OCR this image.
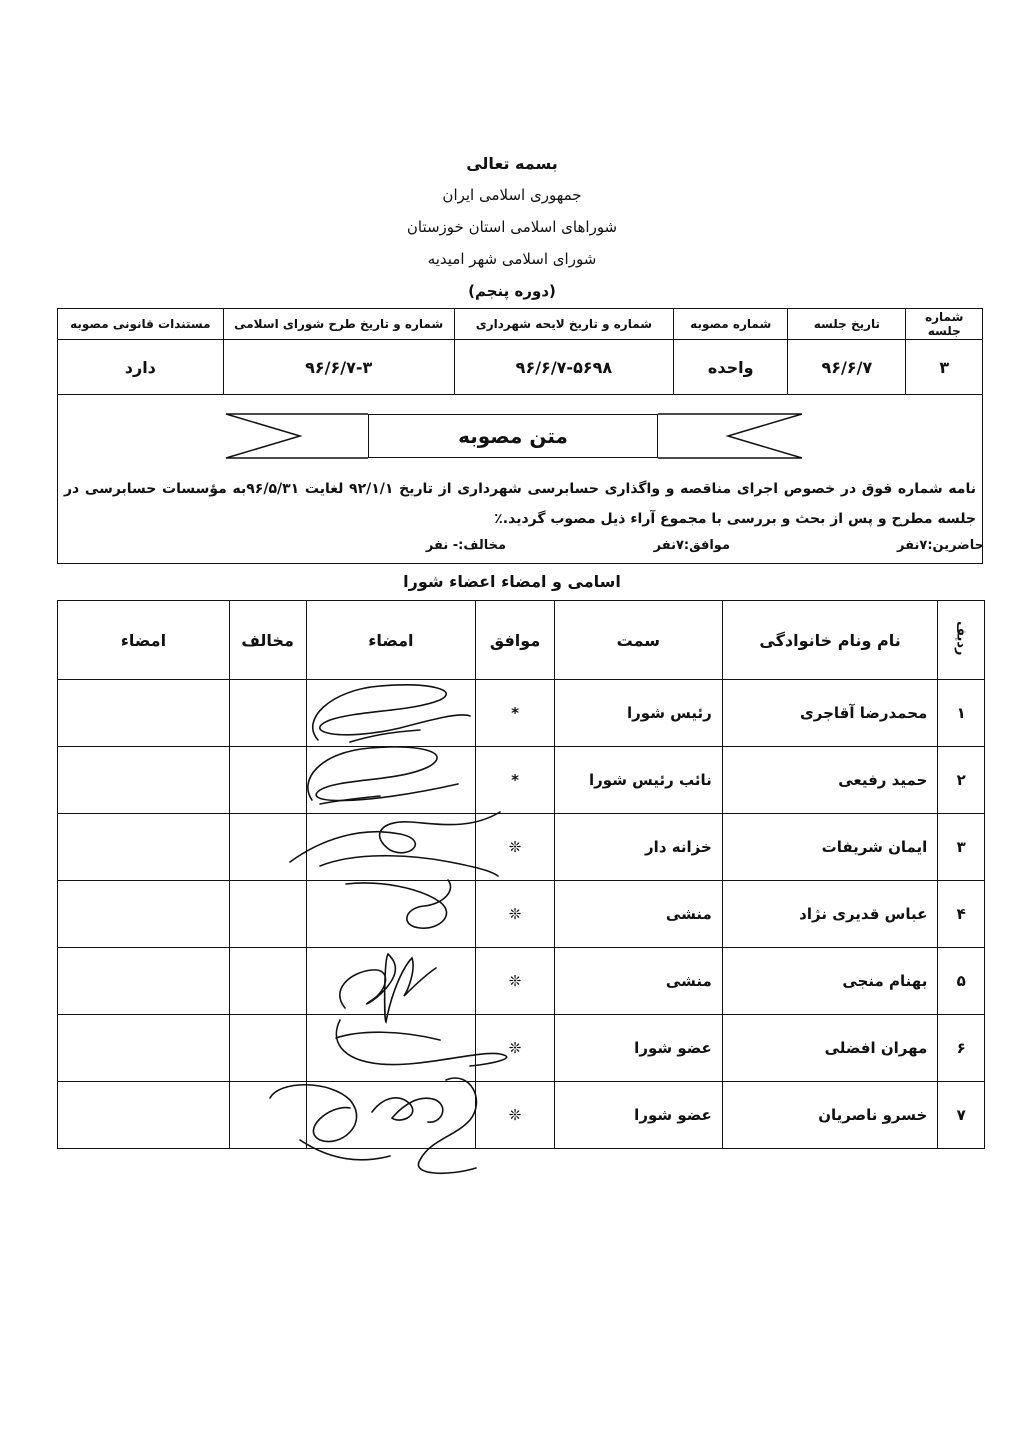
بسمه تعالی
جمهوری اسلامی ایران
شوراهای اسلامی استان خوزستان
شورای اسلامی شهر امیدیه
(دوره پنجم)
شماره جلسه	تاریخ جلسه	شماره مصوبه	شماره و تاریخ لایحه شهرداری	شماره و تاریخ طرح شورای اسلامی	مستندات قانونی مصوبه
۳	۹۶/۶/۷	واحده	۹۶/۶/۷-۵۶۹۸	۹۶/۶/۷-۳	دارد
متن مصوبه
نامه شماره فوق در خصوص اجرای مناقصه و واگذاری حسابرسی شهرداری از تاریخ ۹۲/۱/۱ لغایت ۹۶/۵/۳۱به مؤسسات حسابرسی در جلسه مطرح و پس از بحث و بررسی با مجموع آراء ذیل مصوب گردید.٪
حاضرین:۷نفر
موافق:۷نفر
مخالف:- نفر
اسامی و امضاء اعضاء شورا
ردیف	نام ونام خانوادگی	سمت	موافق	امضاء	مخالف	امضاء
۱	محمدرضا آقاجری	رئیس شورا	*			
۲	حمید رفیعی	نائب رئیس شورا	*			
۳	ایمان شریفات	خزانه دار	❊			
۴	عباس قدیری نژاد	منشی	❊			
۵	بهنام منجی	منشی	❊			
۶	مهران افضلی	عضو شورا	❊			
۷	خسرو ناصریان	عضو شورا	❊			
